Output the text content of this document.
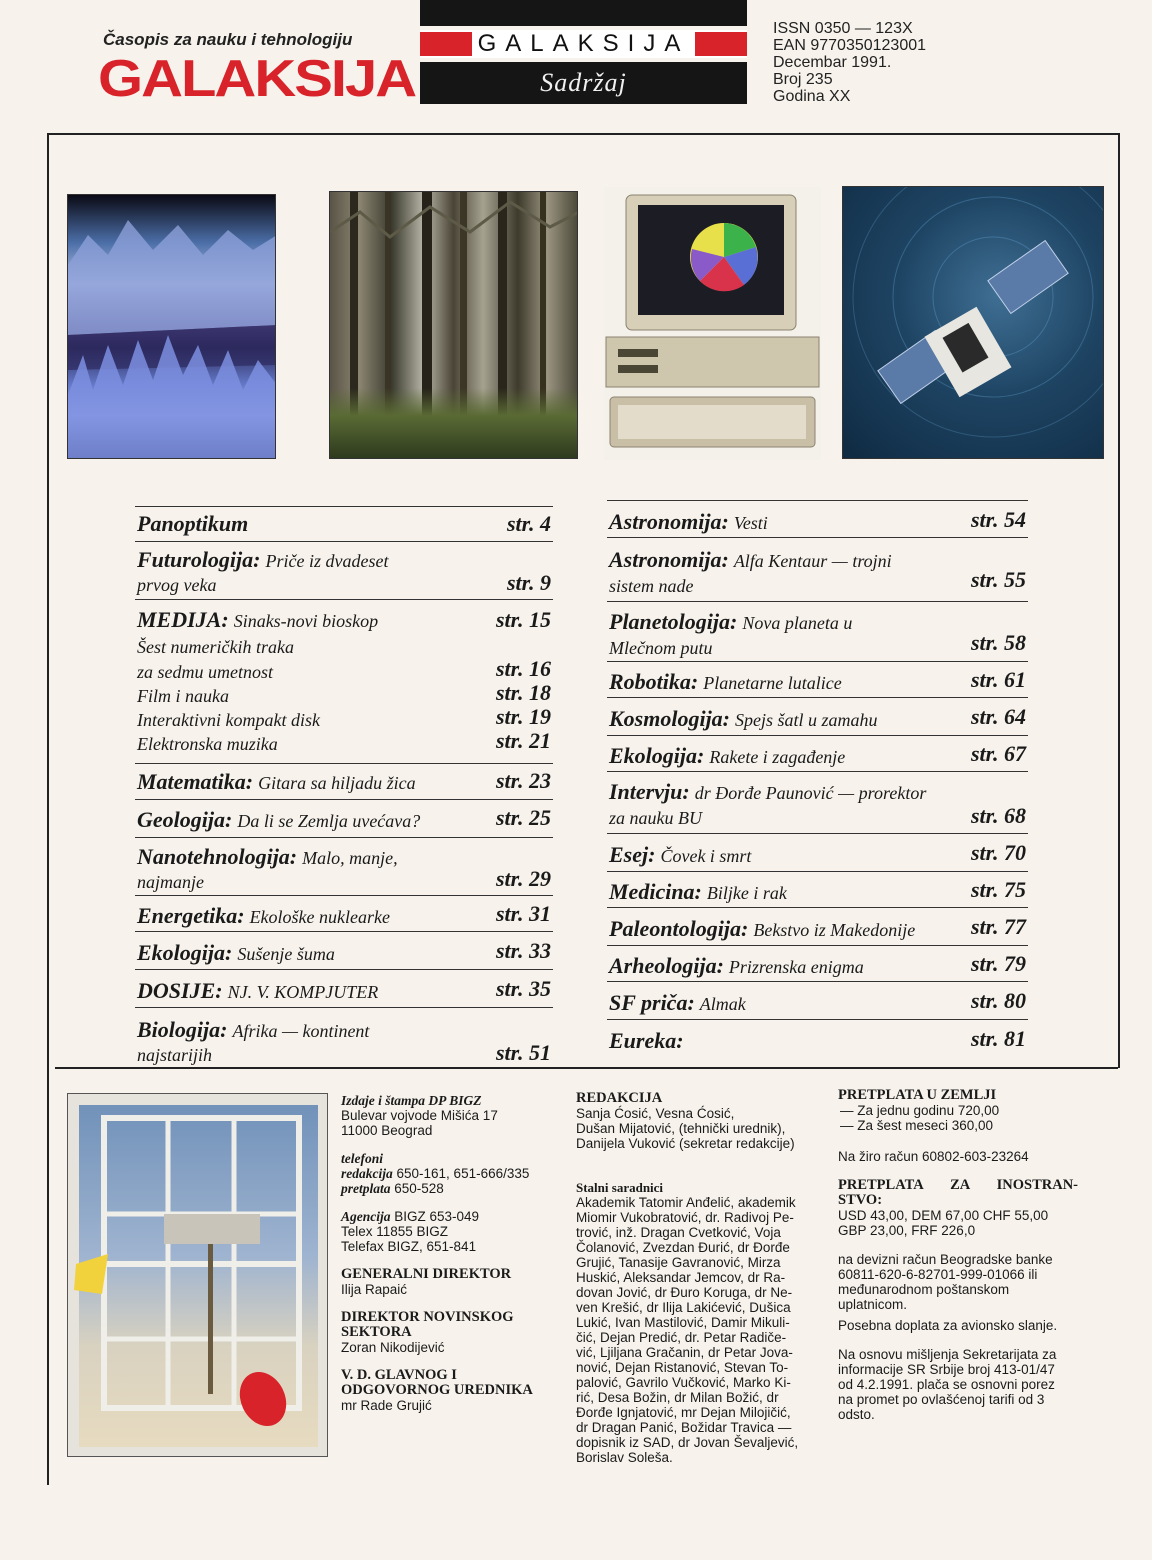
Časopis za nauku i tehnologiju
GALAKSIJA
GALAKSIJA
Sadržaj
ISSN 0350 — 123X
EAN 9770350123001
Decembar 1991.
Broj 235
Godina XX
Panoptikum	str. 4
Futurologija: Priče iz dvadeset
prvog veka	str. 9
MEDIJA: Sinaks-novi bioskop	str. 15
Šest numeričkih traka
za sedmu umetnost	str. 16
Film i nauka	str. 18
Interaktivni kompakt disk	str. 19
Elektronska muzika	str. 21
Matematika: Gitara sa hiljadu žica	str. 23
Geologija: Da li se Zemlja uvećava?	str. 25
Nanotehnologija: Malo, manje,
najmanje	str. 29
Energetika: Ekološke nuklearke	str. 31
Ekologija: Sušenje šuma	str. 33
DOSIJE: NJ. V. KOMPJUTER	str. 35
Biologija: Afrika — kontinent
najstarijih	str. 51
Astronomija: Vesti	str. 54
Astronomija: Alfa Kentaur — trojni
sistem nade	str. 55
Planetologija: Nova planeta u
Mlečnom putu	str. 58
Robotika: Planetarne lutalice	str. 61
Kosmologija: Spejs šatl u zamahu	str. 64
Ekologija: Rakete i zagađenje	str. 67
Intervju: dr Đorđe Paunović — prorektor
za nauku BU	str. 68
Esej: Čovek i smrt	str. 70
Medicina: Biljke i rak	str. 75
Paleontologija: Bekstvo iz Makedonije	str. 77
Arheologija: Prizrenska enigma	str. 79
SF priča: Almak	str. 80
Eureka:	str. 81
Izdaje i štampa DP BIGZ
Bulevar vojvode Mišića 17
11000 Beograd
telefoni
redakcija 650-161, 651-666/335
pretplata 650-528
Agencija BIGZ 653-049
Telex 11855 BIGZ
Telefax BIGZ, 651-841
GENERALNI DIREKTOR
Ilija Rapaić
DIREKTOR NOVINSKOG
SEKTORA
Zoran Nikodijević
V. D. GLAVNOG I
ODGOVORNOG UREDNIKA
mr Rade Grujić
REDAKCIJA
Sanja Ćosić, Vesna Ćosić,
Dušan Mijatović, (tehnički urednik),
Danijela Vuković (sekretar redakcije)
Stalni saradnici
Akademik Tatomir Anđelić, akademik
Miomir Vukobratović, dr. Radivoj Pe-
trović, inž. Dragan Cvetković, Voja
Čolanović, Zvezdan Đurić, dr Đorđe
Grujić, Tanasije Gavranović, Mirza
Huskić, Aleksandar Jemcov, dr Ra-
dovan Jović, dr Đuro Koruga, dr Ne-
ven Krešić, dr Ilija Lakićević, Dušica
Lukić, Ivan Mastilović, Damir Mikuli-
čić, Dejan Predić, dr. Petar Radiče-
vić, Ljiljana Gračanin, dr Petar Jova-
nović, Dejan Ristanović, Stevan To-
palović, Gavrilo Vučković, Marko Ki-
rić, Desa Božin, dr Milan Božić, dr
Đorđe Ignjatović, mr Dejan Milojičić,
dr Dragan Panić, Božidar Travica —
dopisnik iz SAD, dr Jovan Ševaljević,
Borislav Soleša.
PRETPLATA U ZEMLJI
— Za jednu godinu 720,00
— Za šest meseci 360,00
Na žiro račun 60802-603-23264
PRETPLATA ZA INOSTRAN-
STVO:
USD 43,00, DEM 67,00 CHF 55,00
GBP 23,00, FRF 226,0
na devizni račun Beogradske banke
60811-620-6-82701-999-01066 ili
međunarodnom poštanskom
uplatnicom.
Posebna doplata za avionsko slanje.
Na osnovu mišljenja Sekretarijata za
informacije SR Srbije broj 413-01/47
od 4.2.1991. plača se osnovni porez
na promet po ovlašćenoj tarifi od 3
odsto.
